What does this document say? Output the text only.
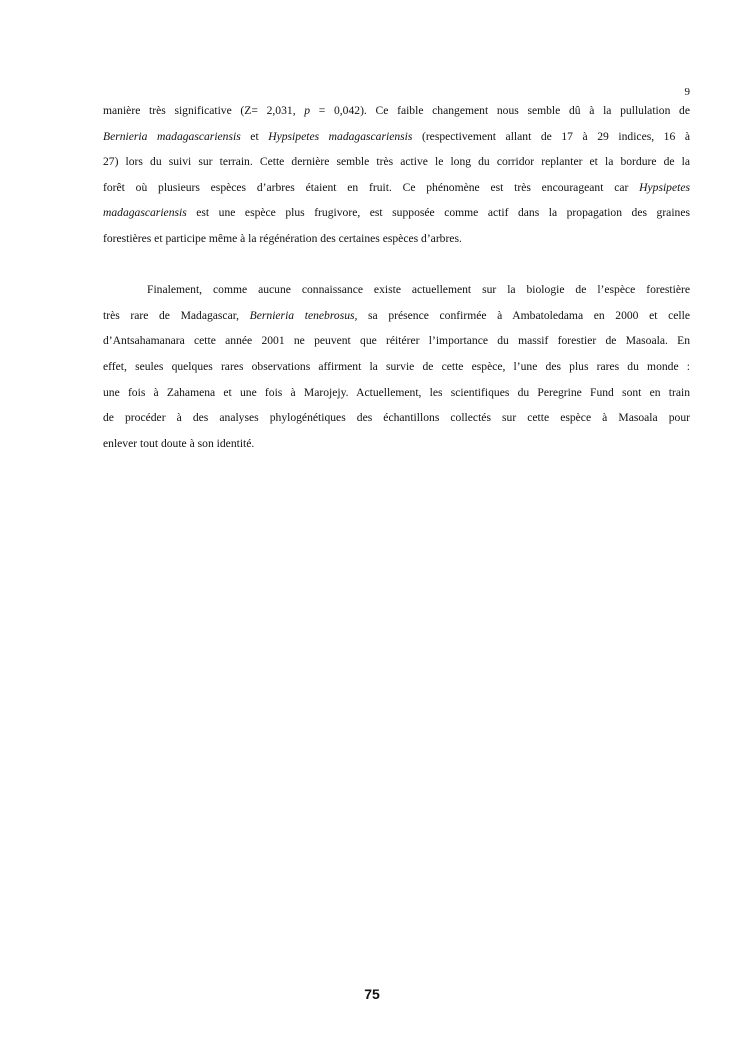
9

manière très significative (Z= 2,031, p = 0,042). Ce faible changement nous semble dû à la pullulation de
Bernieria madagascariensis et Hypsipetes madagascariensis (respectivement allant de 17 à 29 indices, 16 à
27) lors du suivi sur terrain. Cette dernière semble très active le long du corridor replanter et la bordure de la
forêt où plusieurs espèces d’arbres étaient en fruit. Ce phénomène est très encourageant car Hypsipetes
madagascariensis est une espèce plus frugivore, est supposée comme actif dans la propagation des graines
forestières et participe même à la régénération des certaines espèces d’arbres.

Finalement, comme aucune connaissance existe actuellement sur la biologie de l’espèce forestière
très rare de Madagascar, Bernieria tenebrosus, sa présence confirmée à Ambatoledama en 2000 et celle
d’Antsahamanara cette année 2001 ne peuvent que réitérer l’importance du massif forestier de Masoala. En
effet, seules quelques rares observations affirment la survie de cette espèce, l’une des plus rares du monde :
une fois à Zahamena et une fois à Marojejy. Actuellement, les scientifiques du Peregrine Fund sont en train
de procéder à des analyses phylogénétiques des échantillons collectés sur cette espèce à Masoala pour
enlever tout doute à son identité.

75
